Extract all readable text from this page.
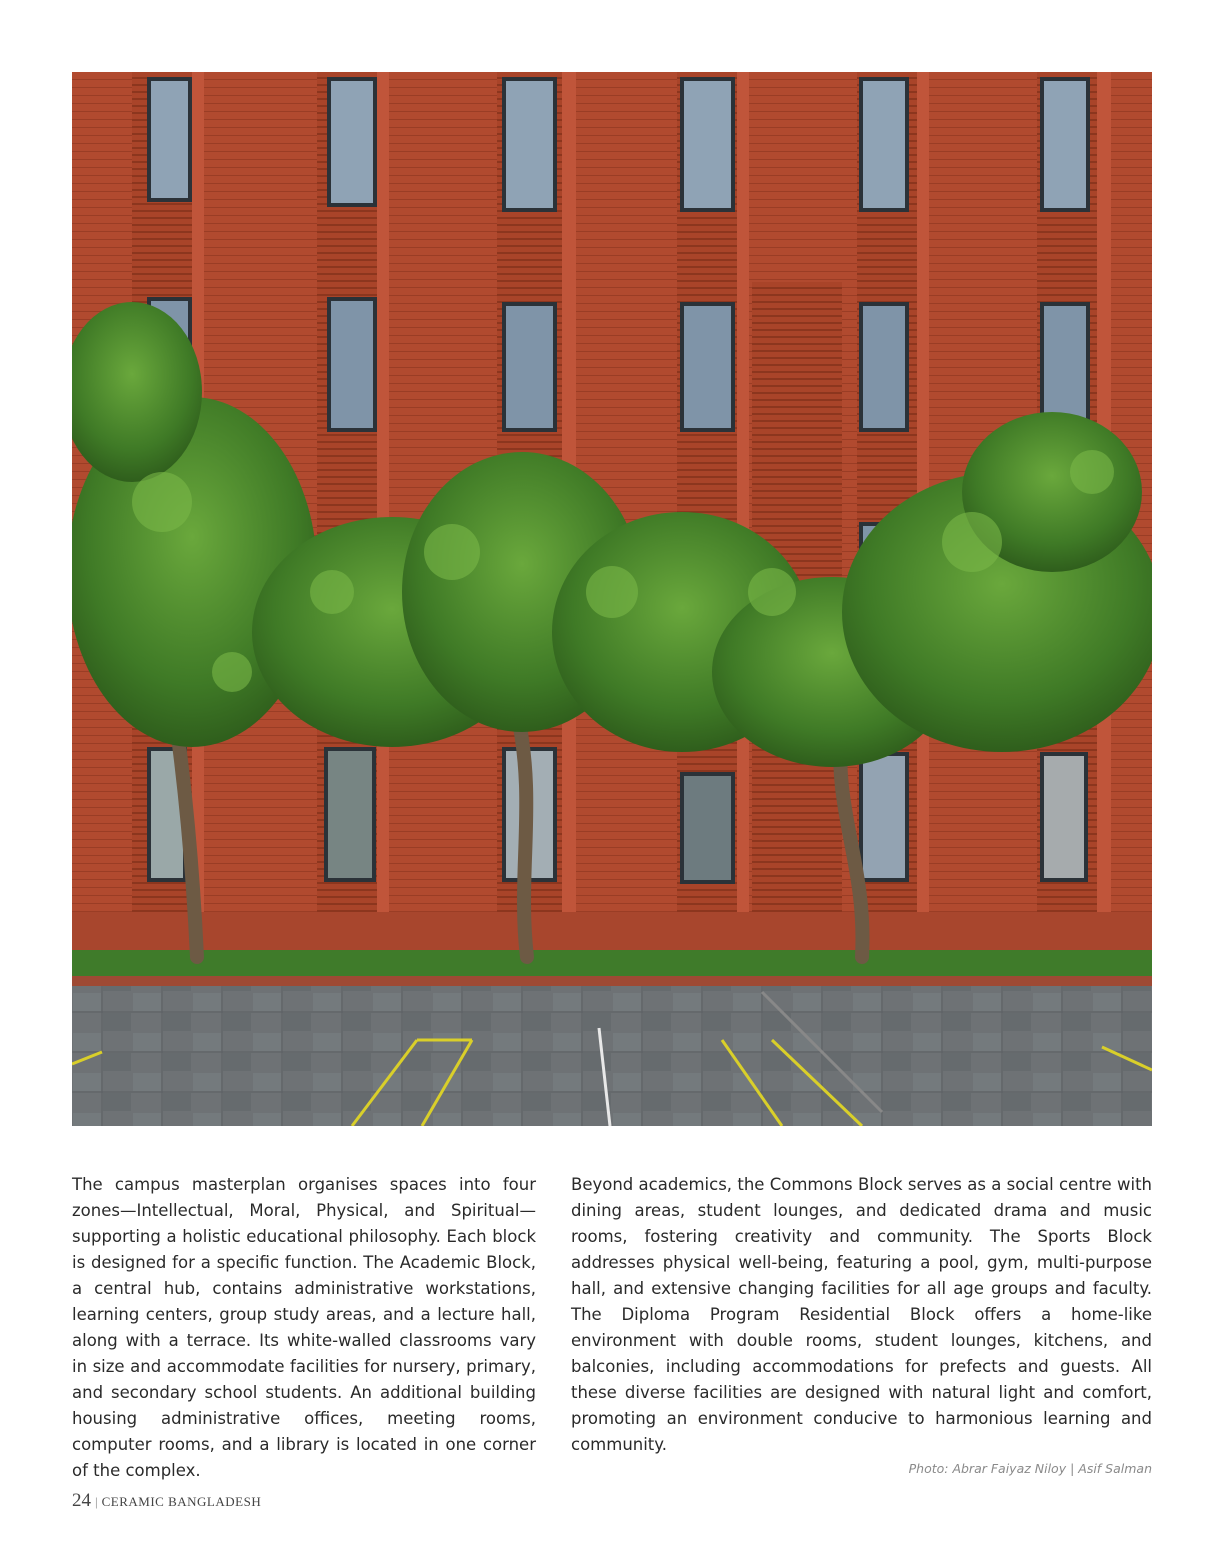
The campus masterplan organises spaces into four zones—Intellectual, Moral, Physical, and Spiritual—supporting a holistic educational philosophy. Each block is designed for a specific function. The Academic Block, a central hub, contains administrative workstations, learning centers, group study areas, and a lecture hall, along with a terrace. Its white-walled classrooms vary in size and accommodate facilities for nursery, primary, and secondary school students. An additional building housing administrative offices, meeting rooms, computer rooms, and a library is located in one corner of the complex.

Beyond academics, the Commons Block serves as a social centre with dining areas, student lounges, and dedicated drama and music rooms, fostering creativity and community. The Sports Block addresses physical well-being, featuring a pool, gym, multi-purpose hall, and extensive changing facilities for all age groups and faculty. The Diploma Program Residential Block offers a home-like environment with double rooms, student lounges, kitchens, and balconies, including accommodations for prefects and guests. All these diverse facilities are designed with natural light and comfort, promoting an environment conducive to harmonious learning and community.

Photo: Abrar Faiyaz Niloy | Asif Salman

24 | CERAMIC BANGLADESH
